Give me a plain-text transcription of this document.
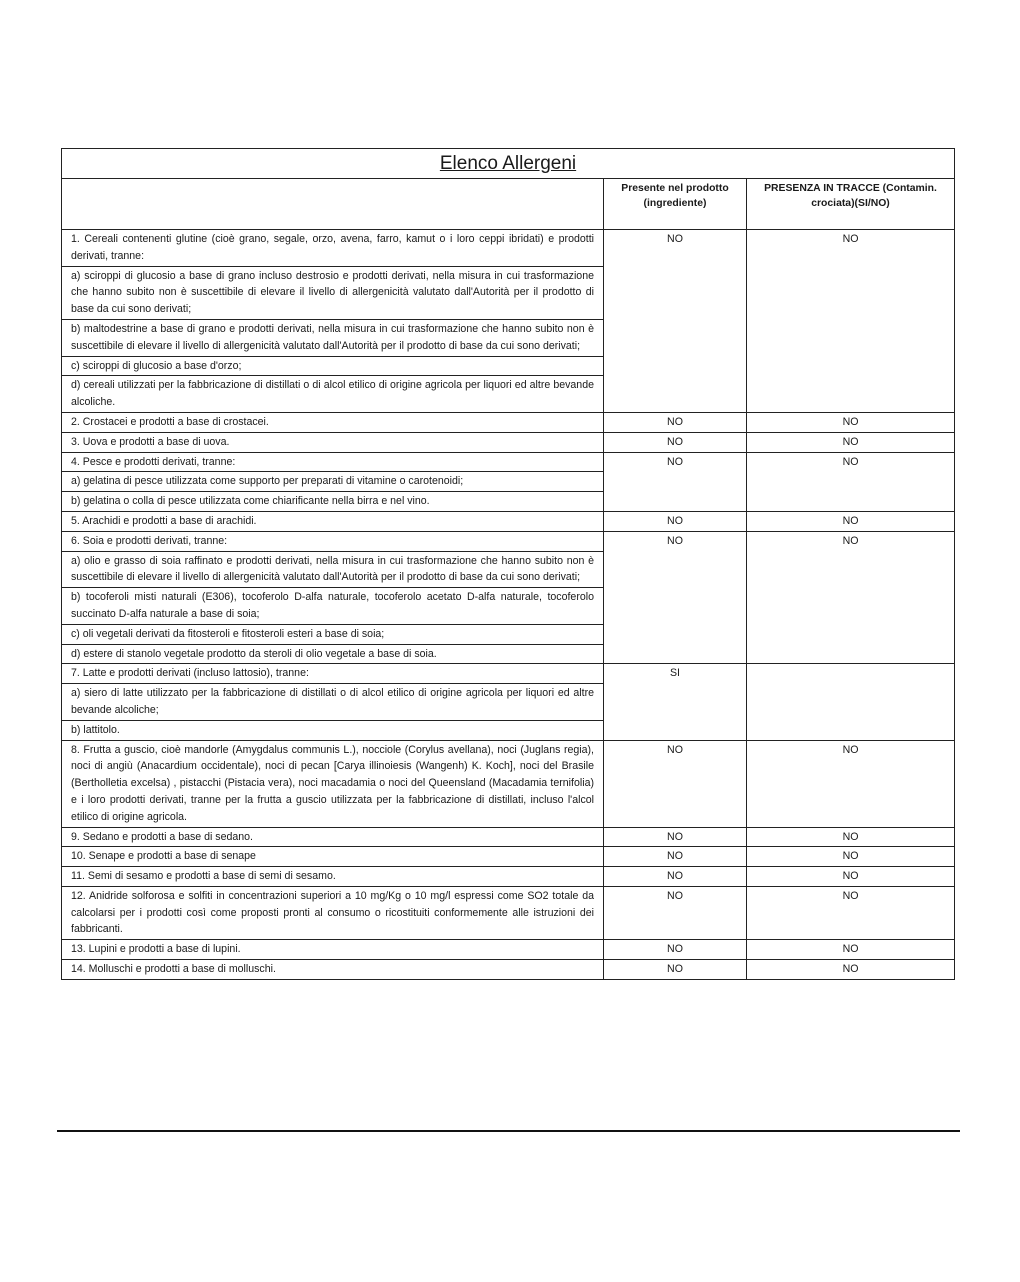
Elenco Allergeni		
	Presente nel prodotto (ingrediente)	PRESENZA IN TRACCE (Contamin. crociata)(SI/NO)
1. Cereali contenenti glutine (cioè grano, segale, orzo, avena, farro, kamut o i loro ceppi ibridati) e prodotti derivati, tranne:	NO	NO
a) sciroppi di glucosio a base di grano incluso destrosio e prodotti derivati, nella misura in cui trasformazione che hanno subito non è suscettibile di elevare il livello di allergenicità valutato dall'Autorità per il prodotto di base da cui sono derivati;		
b) maltodestrine a base di grano e prodotti derivati, nella misura in cui trasformazione che hanno subito non è suscettibile di elevare il livello di allergenicità valutato dall'Autorità per il prodotto di base da cui sono derivati;		
c) sciroppi di glucosio a base d'orzo;		
d) cereali utilizzati per la fabbricazione di distillati o di alcol etilico di origine agricola per liquori ed altre bevande alcoliche.		
2. Crostacei e prodotti a base di crostacei.	NO	NO
3. Uova e prodotti a base di uova.	NO	NO
4. Pesce e prodotti derivati, tranne:	NO	NO
a) gelatina di pesce utilizzata come supporto per preparati di vitamine o carotenoidi;		
b) gelatina o colla di pesce utilizzata come chiarificante nella birra e nel vino.		
5. Arachidi e prodotti a base di arachidi.	NO	NO
6. Soia e prodotti derivati, tranne:	NO	NO
a) olio e grasso di soia raffinato e prodotti derivati, nella misura in cui trasformazione che hanno subito non è suscettibile di elevare il livello di allergenicità valutato dall'Autorità per il prodotto di base da cui sono derivati;		
b) tocoferoli misti naturali (E306), tocoferolo D-alfa naturale, tocoferolo acetato D-alfa naturale, tocoferolo succinato D-alfa naturale a base di soia;		
c) oli vegetali derivati da fitosteroli e fitosteroli esteri a base di soia;		
d) estere di stanolo vegetale prodotto da steroli di olio vegetale a base di soia.		
7. Latte e prodotti derivati (incluso lattosio), tranne:	SI	
a) siero di latte utilizzato per la fabbricazione di distillati o di alcol etilico di origine agricola per liquori ed altre bevande alcoliche;		
b) lattitolo.		
8. Frutta a guscio, cioè mandorle (Amygdalus communis L.), nocciole (Corylus avellana), noci (Juglans regia), noci di angiù (Anacardium occidentale), noci di pecan [Carya illinoiesis (Wangenh) K. Koch], noci del Brasile (Bertholletia excelsa) , pistacchi (Pistacia vera), noci macadamia o noci del Queensland (Macadamia ternifolia) e i loro prodotti derivati, tranne per la frutta a guscio utilizzata per la fabbricazione di distillati, incluso l'alcol etilico di origine agricola.	NO	NO
9. Sedano e prodotti a base di sedano.	NO	NO
10. Senape e prodotti a base di senape	NO	NO
11. Semi di sesamo e prodotti a base di semi di sesamo.	NO	NO
12. Anidride solforosa e solfiti in concentrazioni superiori a 10 mg/Kg o 10 mg/l espressi come SO2 totale da calcolarsi per i prodotti così come proposti pronti al consumo o ricostituiti conformemente alle istruzioni dei fabbricanti.	NO	NO
13. Lupini e prodotti a base di lupini.	NO	NO
14. Molluschi e prodotti a base di molluschi.	NO	NO
